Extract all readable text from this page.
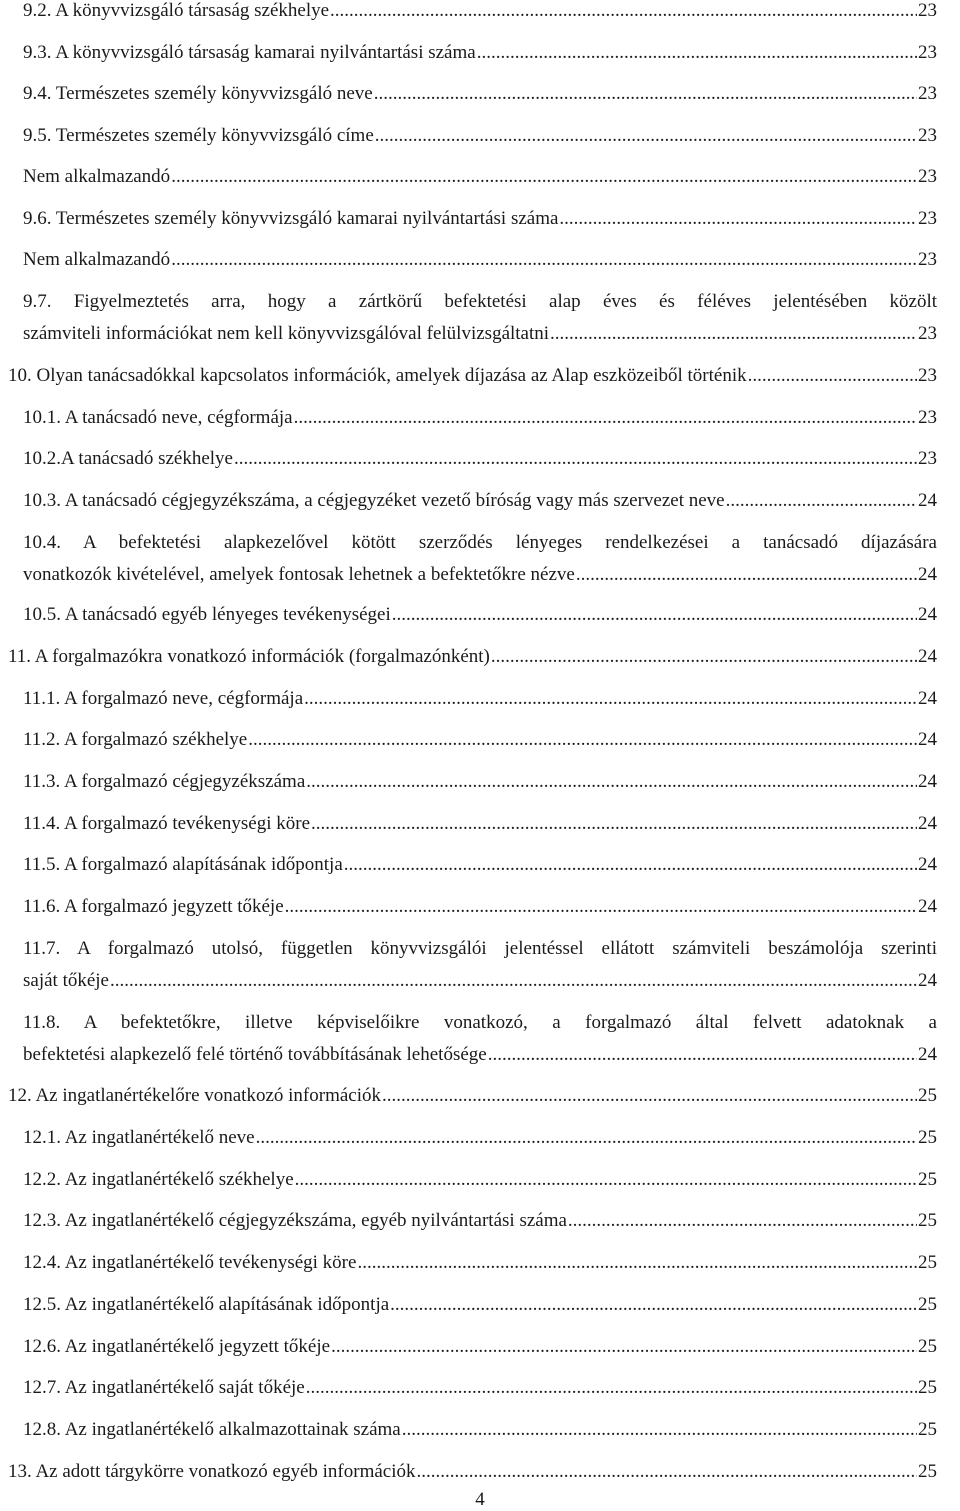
9.2. A könyvvizsgáló társaság székhelye .....	23
9.3. A könyvvizsgáló társaság kamarai nyilvántartási száma .....	23
9.4. Természetes személy könyvvizsgáló neve .....	23
9.5. Természetes személy könyvvizsgáló címe .....	23
Nem alkalmazandó .....	23
9.6. Természetes személy könyvvizsgáló kamarai nyilvántartási száma .....	23
Nem alkalmazandó .....	23
9.7. Figyelmeztetés arra, hogy a zártkörű befektetési alap éves és féléves jelentésében közölt
számviteli információkat nem kell könyvvizsgálóval felülvizsgáltatni .....	23
10. Olyan tanácsadókkal kapcsolatos információk, amelyek díjazása az Alap eszközeiből történik .....	23
10.1. A tanácsadó neve, cégformája .....	23
10.2.A tanácsadó székhelye .....	23
10.3. A tanácsadó cégjegyzékszáma, a cégjegyzéket vezető bíróság vagy más szervezet neve .....	24
10.4. A befektetési alapkezelővel kötött szerződés lényeges rendelkezései a tanácsadó díjazására
vonatkozók kivételével, amelyek fontosak lehetnek a befektetőkre nézve .....	24
10.5. A tanácsadó egyéb lényeges tevékenységei .....	24
11. A forgalmazókra vonatkozó információk (forgalmazónként) .....	24
11.1. A forgalmazó neve, cégformája .....	24
11.2. A forgalmazó székhelye .....	24
11.3. A forgalmazó cégjegyzékszáma .....	24
11.4. A forgalmazó tevékenységi köre .....	24
11.5. A forgalmazó alapításának időpontja .....	24
11.6. A forgalmazó jegyzett tőkéje .....	24
11.7. A forgalmazó utolsó, független könyvvizsgálói jelentéssel ellátott számviteli beszámolója szerinti
saját tőkéje .....	24
11.8. A befektetőkre, illetve képviselőikre vonatkozó, a forgalmazó által felvett adatoknak a
befektetési alapkezelő felé történő továbbításának lehetősége .....	24
12. Az ingatlanértékelőre vonatkozó információk .....	25
12.1. Az ingatlanértékelő neve .....	25
12.2. Az ingatlanértékelő székhelye .....	25
12.3. Az ingatlanértékelő cégjegyzékszáma, egyéb nyilvántartási száma .....	25
12.4. Az ingatlanértékelő tevékenységi köre .....	25
12.5. Az ingatlanértékelő alapításának időpontja .....	25
12.6. Az ingatlanértékelő jegyzett tőkéje .....	25
12.7. Az ingatlanértékelő saját tőkéje .....	25
12.8. Az ingatlanértékelő alkalmazottainak száma .....	25
13. Az adott tárgykörre vonatkozó egyéb információk .....	25
4
